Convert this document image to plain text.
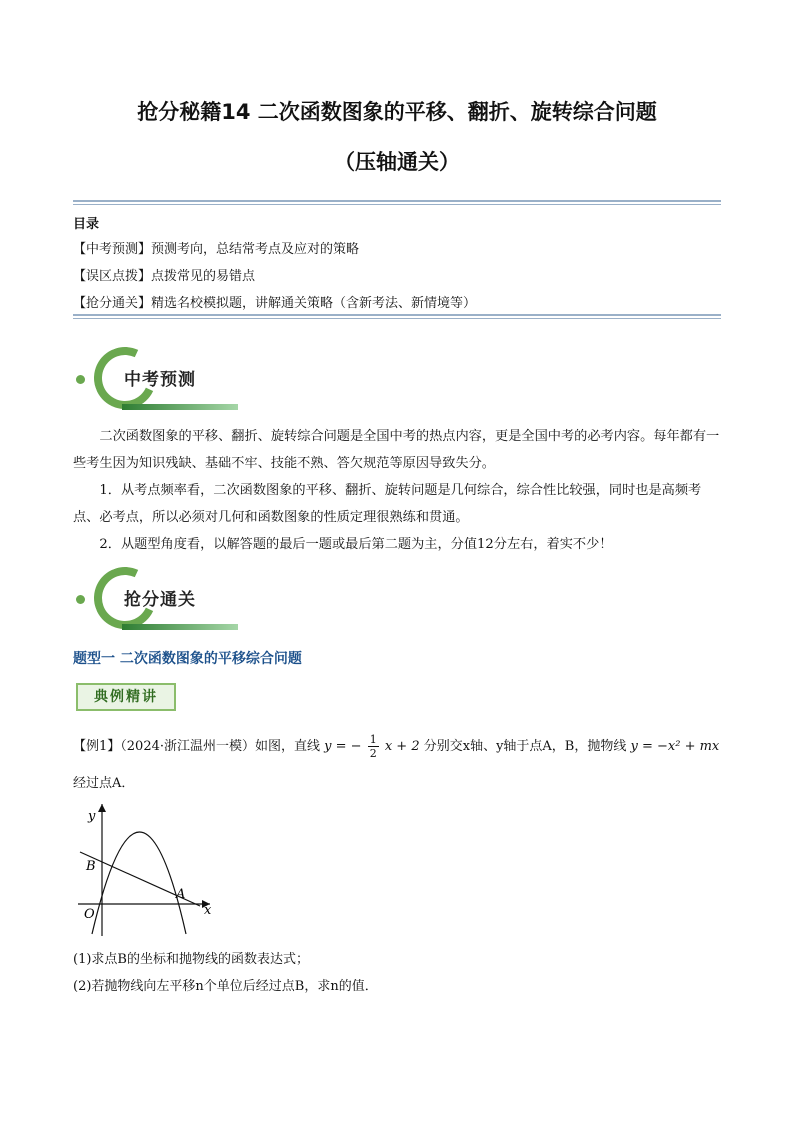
抢分秘籍14 二次函数图象的平移、翻折、旋转综合问题
（压轴通关）
目录
【中考预测】预测考向，总结常考点及应对的策略
【误区点拨】点拨常见的易错点
【抢分通关】精选名校模拟题，讲解通关策略（含新考法、新情境等）
中考预测
二次函数图象的平移、翻折、旋转综合问题是全国中考的热点内容，更是全国中考的必考内容。每年都有一些考生因为知识残缺、基础不牢、技能不熟、答欠规范等原因导致失分。
1．从考点频率看，二次函数图象的平移、翻折、旋转问题是几何综合，综合性比较强，同时也是高频考点、必考点，所以必须对几何和函数图象的性质定理很熟练和贯通。
2．从题型角度看，以解答题的最后一题或最后第二题为主，分值12分左右，着实不少！
抢分通关
题型一 二次函数图象的平移综合问题
典例精讲
【例1】（2024·浙江温州一模）如图，直线 y = − $\frac{1}{2}$ x + 2 分别交x轴、y轴于点A，B，抛物线 y = −x² + mx
经过点A．
y
x
O
A
B
(1)求点B的坐标和抛物线的函数表达式；
(2)若抛物线向左平移n个单位后经过点B，求n的值．
